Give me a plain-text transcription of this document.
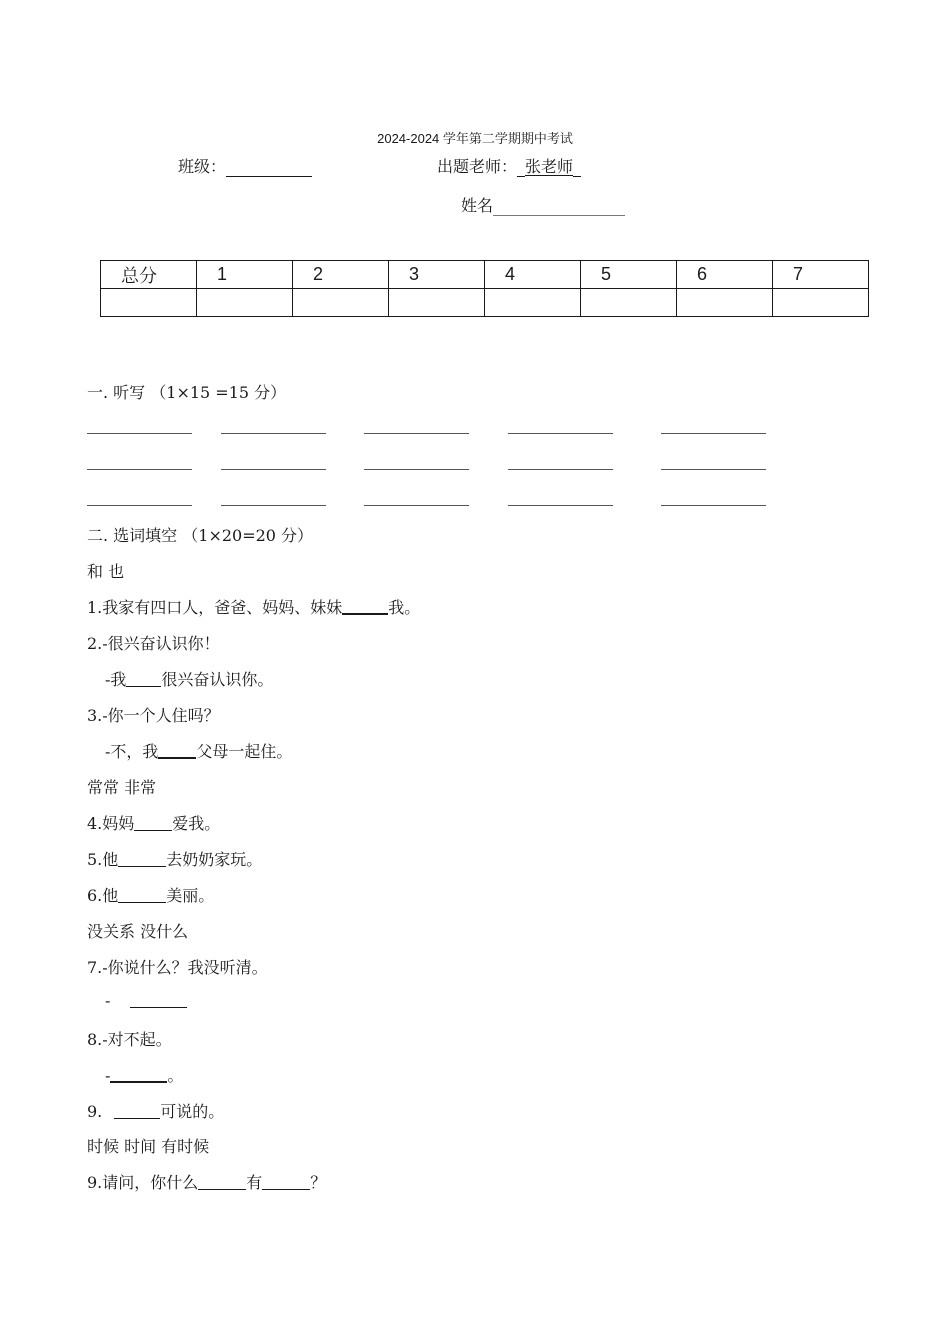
2024-2024 学年第二学期期中考试
班级：	出题老师： 张老师
姓名
总分	1	2	3	4	5	6	7

一. 听写 （1×15 =15 分）
二. 选词填空 （1×20=20 分）
和 也
1.我家有四口人，爸爸、妈妈、妹妹	我。
2.-很兴奋认识你！
-我 很兴奋认识你。
3.-你一个人住吗？
-不，我 父母一起住。
常常 非常
4.妈妈 爱我。
5.他	去奶奶家玩。
6.他	美丽。
没关系 没什么
7.-你说什么？我没听清。
-
8.-对不起。
-	。
9.	可说的。
时候 时间 有时候
9.请问，你什么	有	？
